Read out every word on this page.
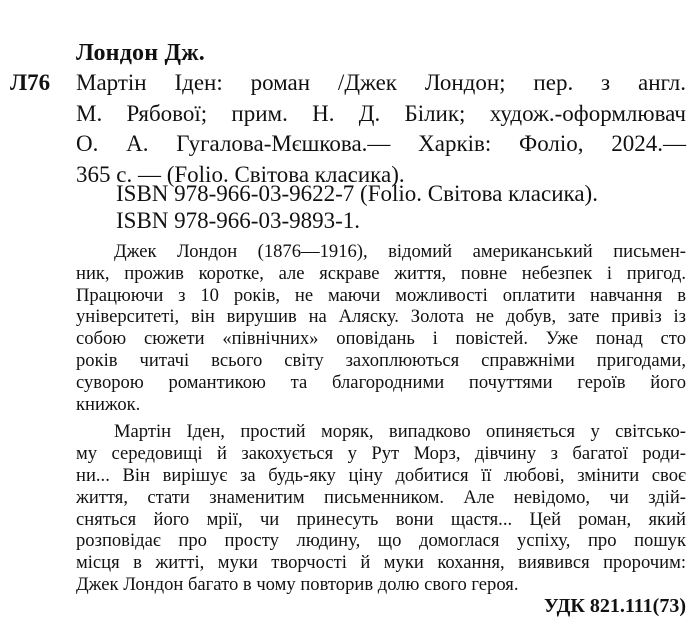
Лондон Дж.
Л76 Мартін Іден: роман /Джек Лондон; пер. з англ.
М. Рябової; прим. Н. Д. Білик; худож.-оформлювач
О. А. Гугалова-Мєшкова.— Харків: Фоліо, 2024.—
365 с. — (Folio. Світова класика).
ISBN 978-966-03-9622-7 (Folio. Світова класика).
ISBN 978-966-03-9893-1.
Джек Лондон (1876—1916), відомий американський письмен-
ник, прожив коротке, але яскраве життя, повне небезпек і пригод.
Працюючи з 10 років, не маючи можливості оплатити навчання в
університеті, він вирушив на Аляску. Золота не добув, зате привіз із
собою сюжети «північних» оповідань і повістей. Уже понад сто
років читачі всього світу захоплюються справжніми пригодами,
суворою романтикою та благородними почуттями героїв його
книжок.
Мартін Іден, простий моряк, випадково опиняється у світсько-
му середовищі й закохується у Рут Морз, дівчину з багатої роди-
ни... Він вирішує за будь-яку ціну добитися її любові, змінити своє
життя, стати знаменитим письменником. Але невідомо, чи здій-
сняться його мрії, чи принесуть вони щастя... Цей роман, який
розповідає про просту людину, що домоглася успіху, про пошук
місця в житті, муки творчості й муки кохання, виявився пророчим:
Джек Лондон багато в чому повторив долю свого героя.
УДК 821.111(73)
